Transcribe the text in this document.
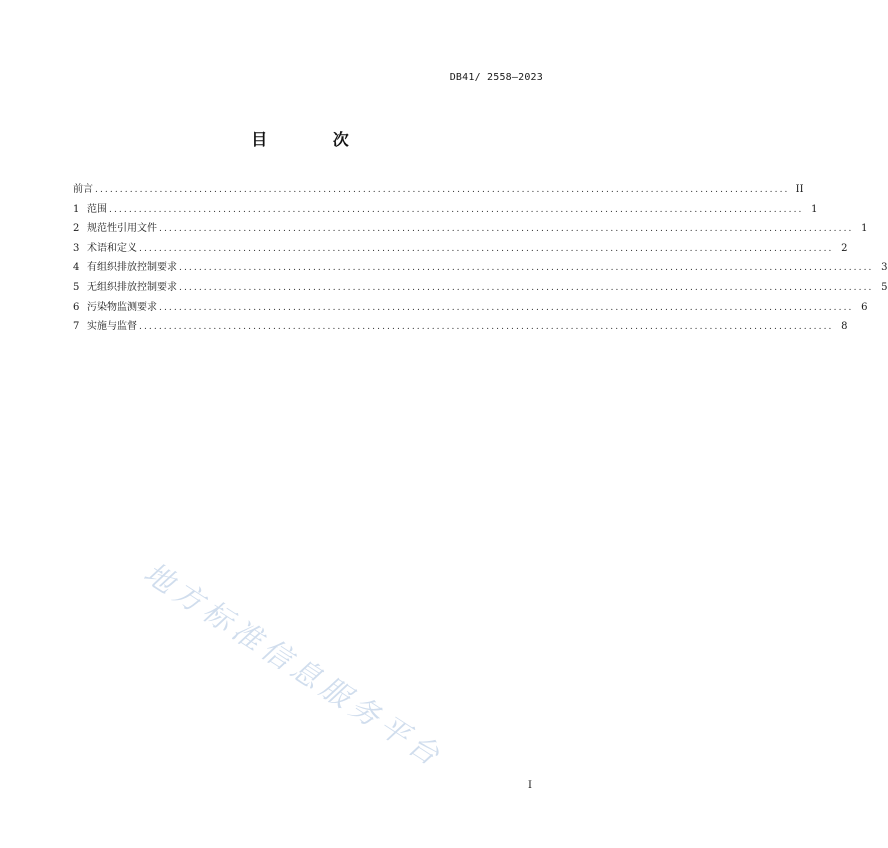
DB41/ 2558—2023
目 次
前言 ............................................................................................................................................ II
1 范围 ............................................................................................................................................ 1
2 规范性引用文件 ............................................................................................................................................ 1
3 术语和定义 ............................................................................................................................................ 2
4 有组织排放控制要求 ............................................................................................................................................ 3
5 无组织排放控制要求 ............................................................................................................................................ 5
6 污染物监测要求 ............................................................................................................................................ 6
7 实施与监督 ............................................................................................................................................ 8
地方标准信息服务平台
I
